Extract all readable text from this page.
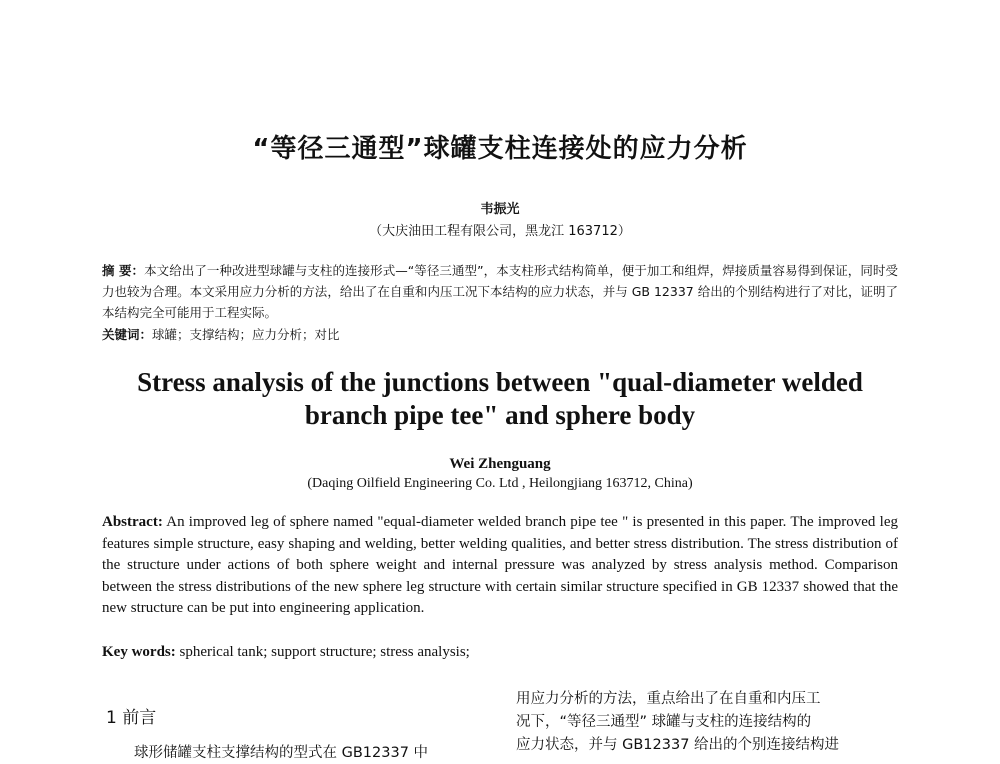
“等径三通型”球罐支柱连接处的应力分析
韦振光
（大庆油田工程有限公司，黑龙江 163712）
摘 要：本文给出了一种改进型球罐与支柱的连接形式—“等径三通型”，本支柱形式结构简单，便于加工和组焊，焊接质量容易得到保证，同时受力也较为合理。本文采用应力分析的方法，给出了在自重和内压工况下本结构的应力状态，并与 GB 12337 给出的个别结构进行了对比，证明了本结构完全可能用于工程实际。
关键词：球罐；支撑结构；应力分析；对比
Stress analysis of the junctions between "qual-diameter welded
branch pipe tee" and sphere body
Wei Zhenguang
(Daqing Oilfield Engineering Co. Ltd , Heilongjiang 163712, China)
Abstract: An improved leg of sphere named "equal-diameter welded branch pipe tee " is presented in this paper. The improved leg features simple structure, easy shaping and welding, better welding qualities, and better stress distribution. The stress distribution of the structure under actions of both sphere weight and internal pressure was analyzed by stress analysis method. Comparison between the stress distributions of the new sphere leg structure with certain similar structure specified in GB 12337 showed that the new structure can be put into engineering application.
Key words: spherical tank; support structure; stress analysis;
1 前言
球形储罐支柱支撑结构的型式在 GB12337 中
用应力分析的方法，重点给出了在自重和内压工
况下，“等径三通型” 球罐与支柱的连接结构的
应力状态，并与 GB12337 给出的个别连接结构进
